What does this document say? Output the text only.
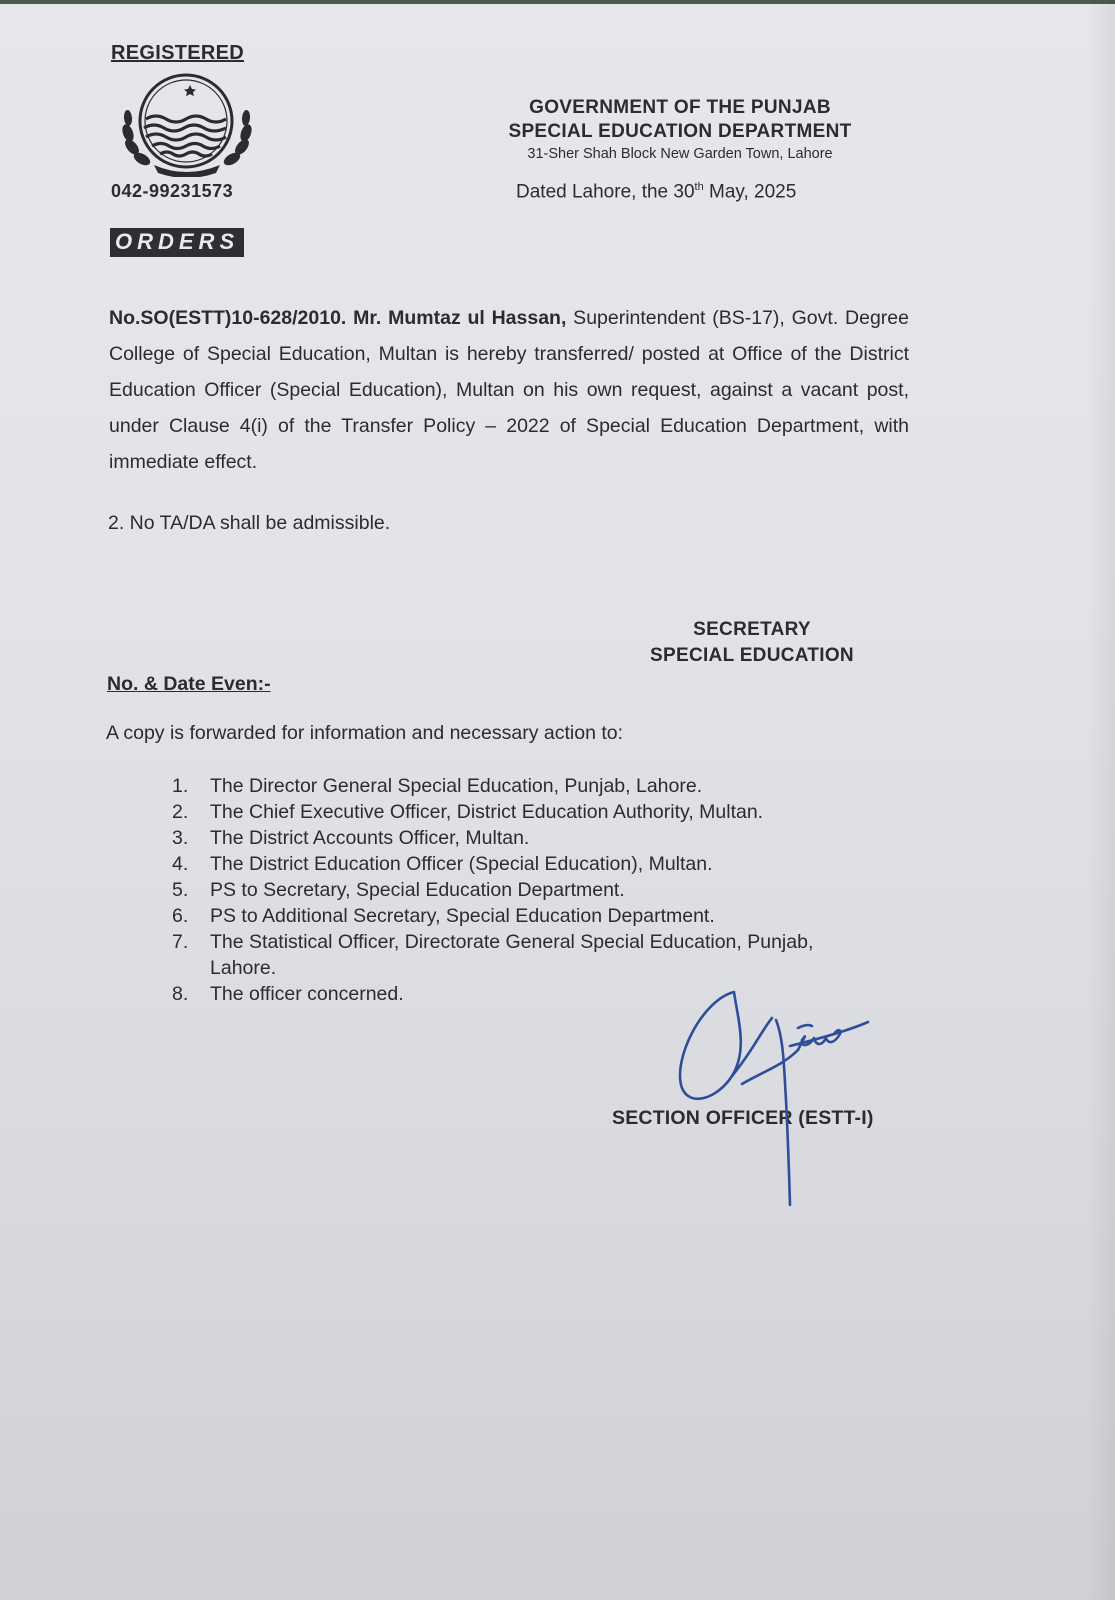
REGISTERED
042-99231573
ORDERS
GOVERNMENT OF THE PUNJAB
SPECIAL EDUCATION DEPARTMENT
31-Sher Shah Block New Garden Town, Lahore
Dated Lahore, the 30th May, 2025
No.SO(ESTT)10-628/2010. Mr. Mumtaz ul Hassan, Superintendent (BS-17), Govt. Degree College of Special Education, Multan is hereby transferred/ posted at Office of the District Education Officer (Special Education), Multan on his own request, against a vacant post, under Clause 4(i) of the Transfer Policy – 2022 of Special Education Department, with immediate effect.
2. No TA/DA shall be admissible.
SECRETARY
SPECIAL EDUCATION
No. & Date Even:-
A copy is forwarded for information and necessary action to:
1.	The Director General Special Education, Punjab, Lahore.
2.	The Chief Executive Officer, District Education Authority, Multan.
3.	The District Accounts Officer, Multan.
4.	The District Education Officer (Special Education), Multan.
5.	PS to Secretary, Special Education Department.
6.	PS to Additional Secretary, Special Education Department.
7.	The Statistical Officer, Directorate General Special Education, Punjab, Lahore.
8.	The officer concerned.
SECTION OFFICER (ESTT-I)
